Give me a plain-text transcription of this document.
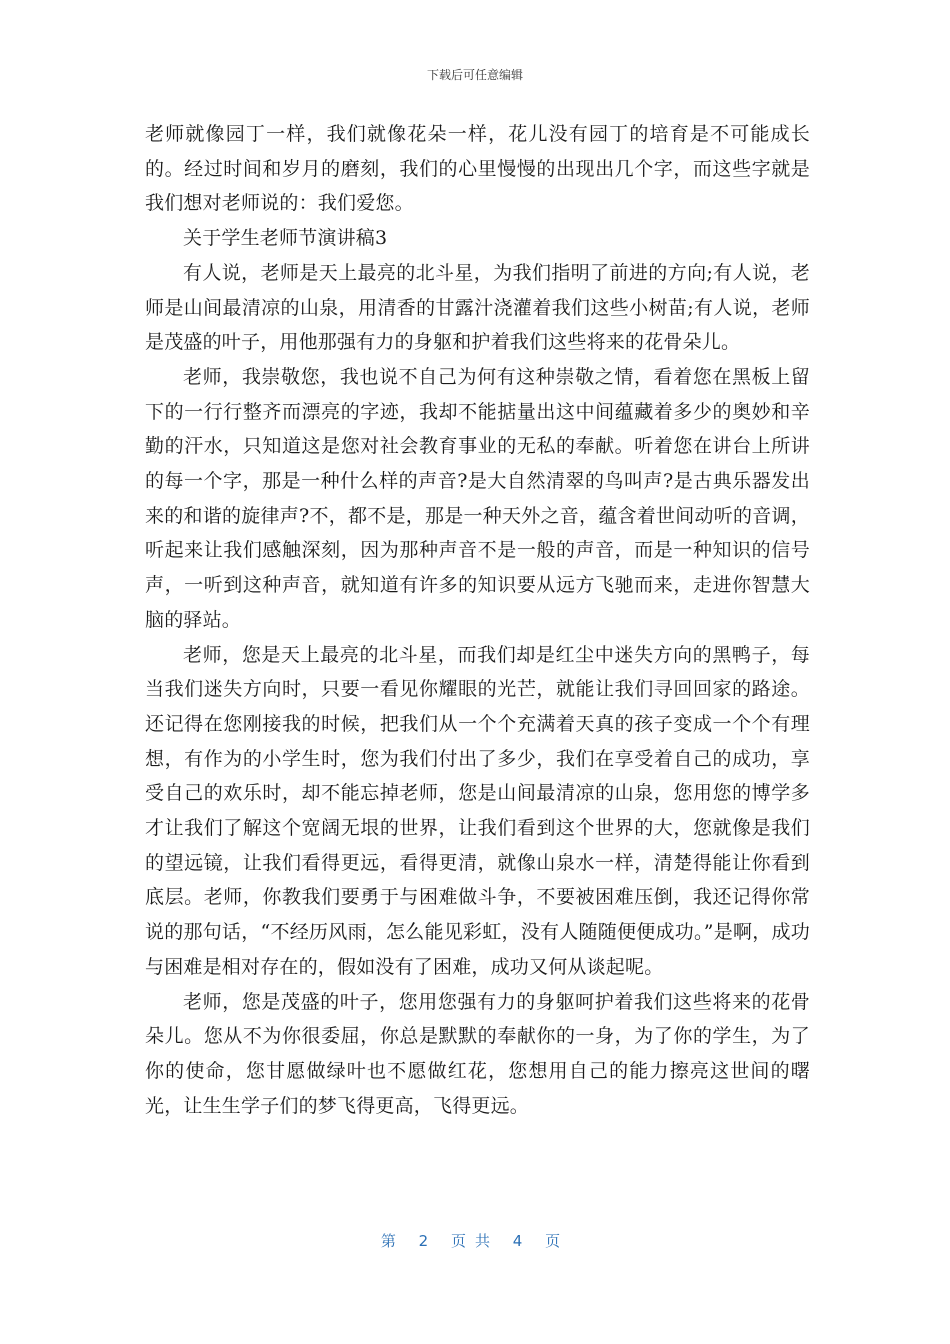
下载后可任意编辑

老师就像园丁一样，我们就像花朵一样，花儿没有园丁的培育是不可能成长的。经过时间和岁月的磨刻，我们的心里慢慢的出现出几个字，而这些字就是我们想对老师说的：我们爱您。

关于学生老师节演讲稿3

有人说，老师是天上最亮的北斗星，为我们指明了前进的方向;有人说，老师是山间最清凉的山泉，用清香的甘露汁浇灌着我们这些小树苗;有人说，老师是茂盛的叶子，用他那强有力的身躯和护着我们这些将来的花骨朵儿。

老师，我崇敬您，我也说不自己为何有这种崇敬之情，看着您在黑板上留下的一行行整齐而漂亮的字迹，我却不能掂量出这中间蕴藏着多少的奥妙和辛勤的汗水，只知道这是您对社会教育事业的无私的奉献。听着您在讲台上所讲的每一个字，那是一种什么样的声音?是大自然清翠的鸟叫声?是古典乐器发出来的和谐的旋律声?不，都不是，那是一种天外之音，蕴含着世间动听的音调，听起来让我们感触深刻，因为那种声音不是一般的声音，而是一种知识的信号声，一听到这种声音，就知道有许多的知识要从远方飞驰而来，走进你智慧大脑的驿站。

老师，您是天上最亮的北斗星，而我们却是红尘中迷失方向的黑鸭子，每当我们迷失方向时，只要一看见你耀眼的光芒，就能让我们寻回回家的路途。还记得在您刚接我的时候，把我们从一个个充满着天真的孩子变成一个个有理想，有作为的小学生时，您为我们付出了多少，我们在享受着自己的成功，享受自己的欢乐时，却不能忘掉老师，您是山间最清凉的山泉，您用您的博学多才让我们了解这个宽阔无垠的世界，让我们看到这个世界的大，您就像是我们的望远镜，让我们看得更远，看得更清，就像山泉水一样，清楚得能让你看到底层。老师，你教我们要勇于与困难做斗争，不要被困难压倒，我还记得你常说的那句话，“不经历风雨，怎么能见彩虹，没有人随随便便成功。”是啊，成功与困难是相对存在的，假如没有了困难，成功又何从谈起呢。

老师，您是茂盛的叶子，您用您强有力的身躯呵护着我们这些将来的花骨朵儿。您从不为你很委屈，你总是默默的奉献你的一身，为了你的学生，为了你的使命，您甘愿做绿叶也不愿做红花，您想用自己的能力擦亮这世间的曙光，让生生学子们的梦飞得更高，飞得更远。

第 2 页共 4 页
